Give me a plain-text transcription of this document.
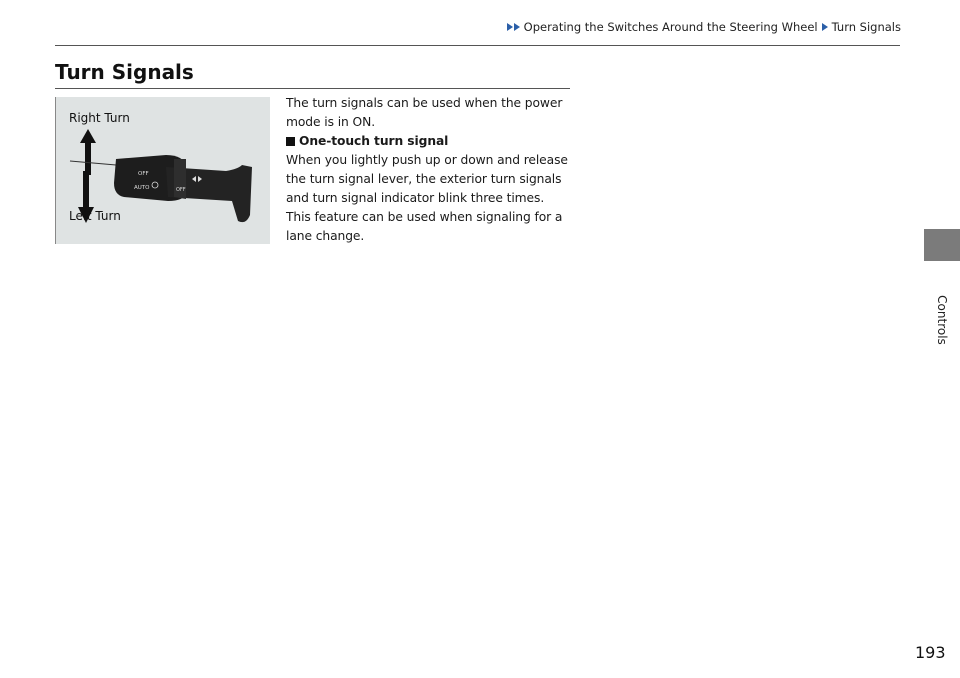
Operating the Switches Around the Steering Wheel Turn Signals
Turn Signals
OFF
AUTO	OFF
Right Turn
Left Turn

The turn signals can be used when the power mode is in ON.

One-touch turn signal

When you lightly push up or down and release the turn signal lever, the exterior turn signals and turn signal indicator blink three times. This feature can be used when signaling for a lane change.

Controls
193
